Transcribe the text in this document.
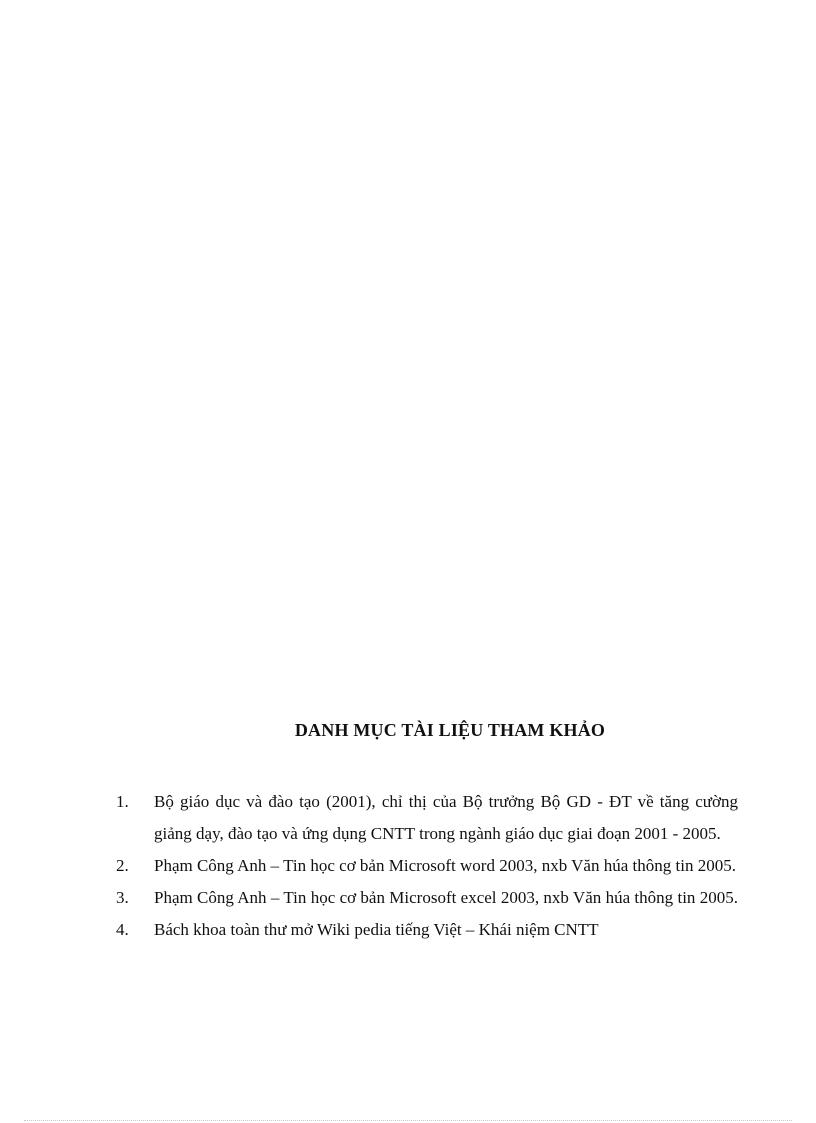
DANH MỤC TÀI LIỆU THAM KHẢO
1.	Bộ giáo dục và đào tạo (2001), chỉ thị của Bộ trưởng Bộ GD - ĐT về tăng cường giảng dạy, đào tạo và ứng dụng CNTT trong ngành giáo dục giai đoạn 2001 - 2005.
2.	Phạm Công Anh – Tin học cơ bản Microsoft word 2003, nxb Văn húa thông tin 2005.
3.	Phạm Công Anh – Tin học cơ bản Microsoft excel 2003, nxb Văn húa thông tin 2005.
4.	Bách khoa toàn thư mở Wiki pedia tiếng Việt – Khái niệm CNTT
